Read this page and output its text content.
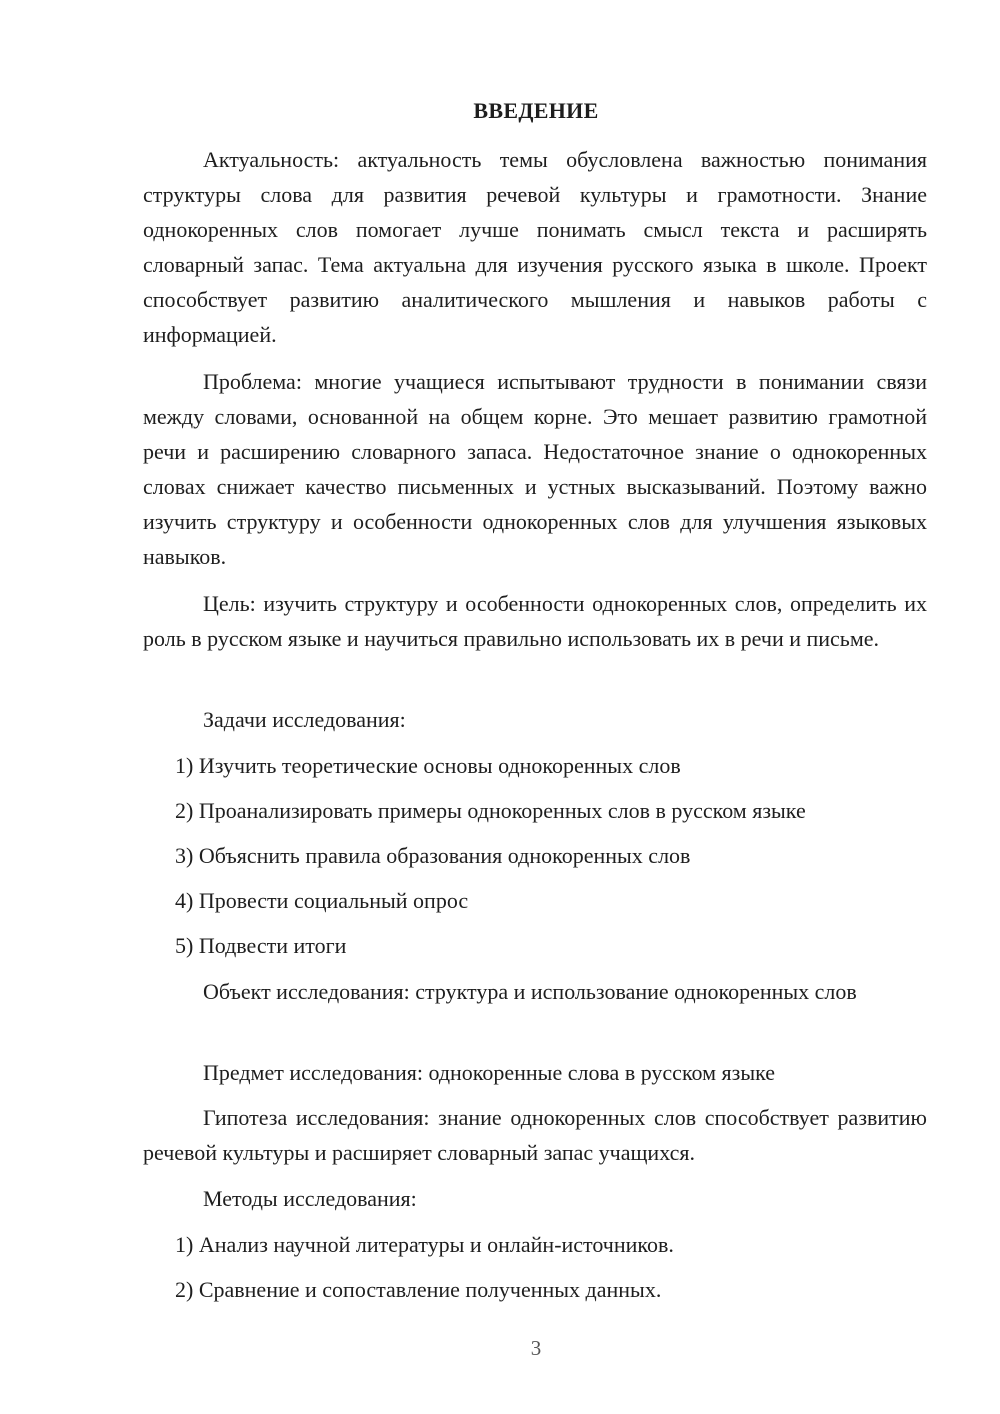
ВВЕДЕНИЕ

Актуальность: актуальность темы обусловлена важностью понимания структуры слова для развития речевой культуры и грамотности. Знание однокоренных слов помогает лучше понимать смысл текста и расширять словарный запас. Тема актуальна для изучения русского языка в школе. Проект способствует развитию аналитического мышления и навыков работы с информацией.

Проблема: многие учащиеся испытывают трудности в понимании связи между словами, основанной на общем корне. Это мешает развитию грамотной речи и расширению словарного запаса. Недостаточное знание о однокоренных словах снижает качество письменных и устных высказываний. Поэтому важно изучить структуру и особенности однокоренных слов для улучшения языковых навыков.

Цель: изучить структуру и особенности однокоренных слов, определить их роль в русском языке и научиться правильно использовать их в речи и письме.

Задачи исследования:
1) Изучить теоретические основы однокоренных слов
2) Проанализировать примеры однокоренных слов в русском языке
3) Объяснить правила образования однокоренных слов
4) Провести социальный опрос
5) Подвести итоги

Объект исследования: структура и использование однокоренных слов

Предмет исследования: однокоренные слова в русском языке

Гипотеза исследования: знание однокоренных слов способствует развитию речевой культуры и расширяет словарный запас учащихся.

Методы исследования:
1) Анализ научной литературы и онлайн-источников.
2) Сравнение и сопоставление полученных данных.
3
